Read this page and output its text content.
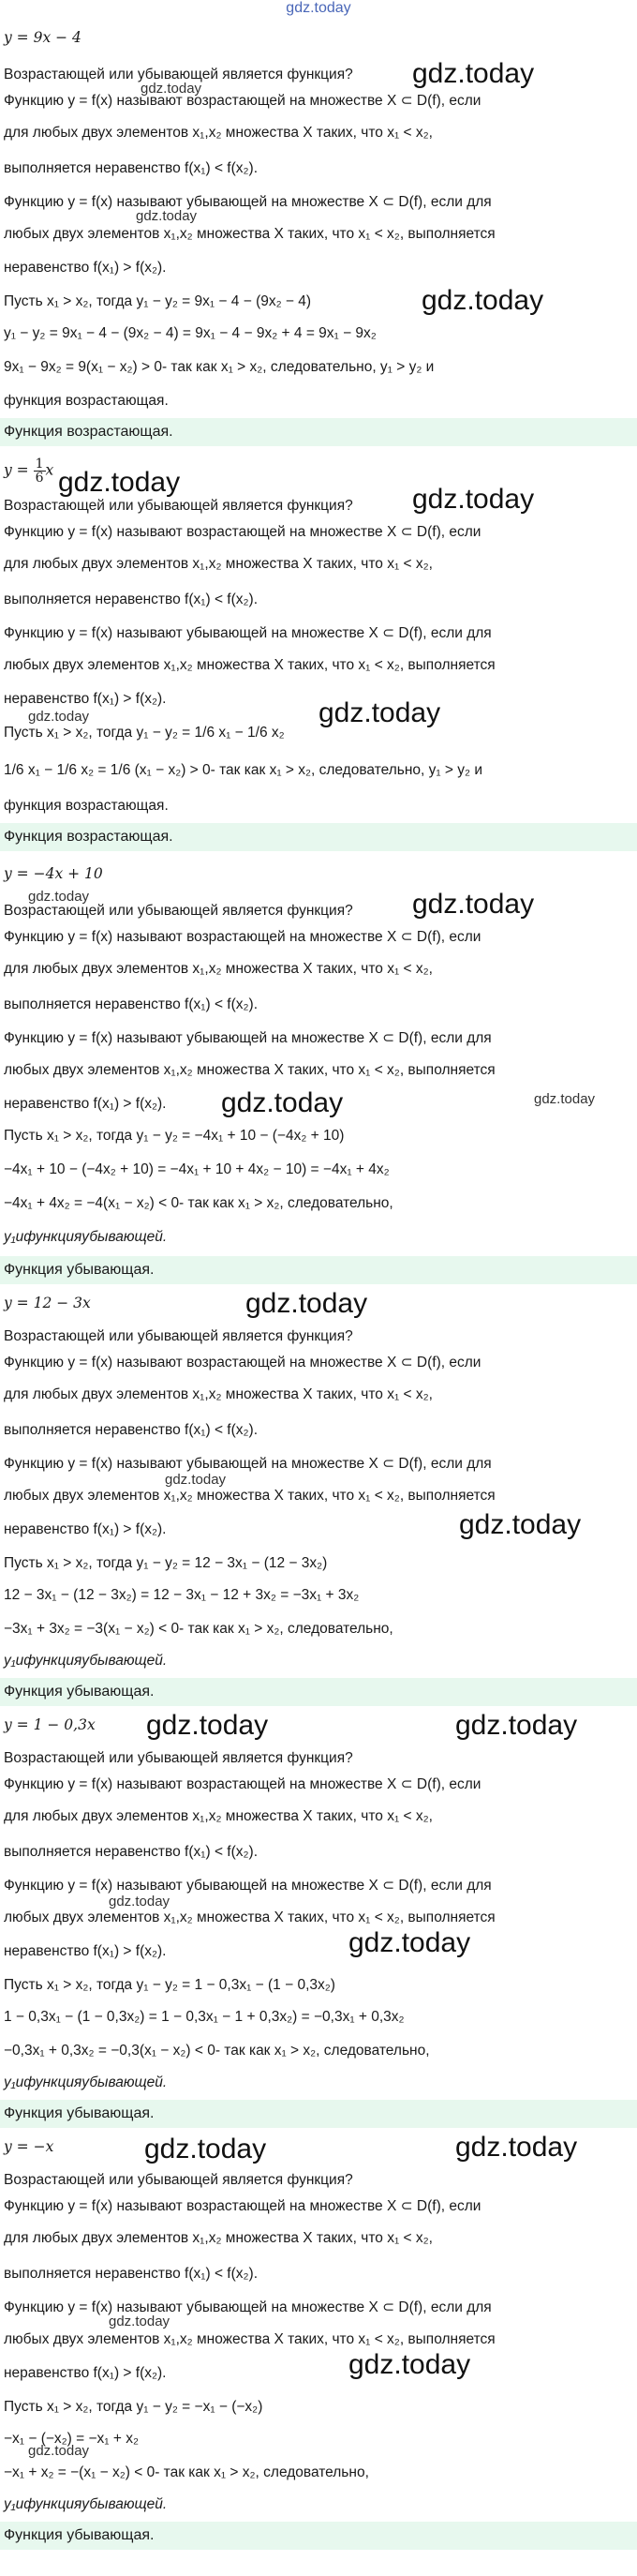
gdz.today
y = 9x − 4
Возрастающей или убывающей является функция?
Функцию y = f(x) называют возрастающей на множестве X ⊂ D(f), если
для любых двух элементов x₁,x₂ множества X таких, что x₁ < x₂,
выполняется неравенство f(x₁) < f(x₂).
Функцию y = f(x) называют убывающей на множестве X ⊂ D(f), если для
любых двух элементов x₁,x₂ множества X таких, что x₁ < x₂, выполняется
неравенство f(x₁) > f(x₂).
Пусть x₁ > x₂, тогда y₁ − y₂ = 9x₁ − 4 − (9x₂ − 4)
y₁ − y₂ = 9x₁ − 4 − (9x₂ − 4) = 9x₁ − 4 − 9x₂ + 4 = 9x₁ − 9x₂
9x₁ − 9x₂ = 9(x₁ − x₂) > 0- так как x₁ > x₂, следовательно, y₁ > y₂ и
функция возрастающая.
Функция возрастающая.
gdz.today
gdz.today
gdz.today
gdz.today
$y = \frac{1}{6}$ x gdz.today
Возрастающей или убывающей является функция?
Функцию y = f(x) называют возрастающей на множестве X ⊂ D(f), если
для любых двух элементов x₁,x₂ множества X таких, что x₁ < x₂,
выполняется неравенство f(x₁) < f(x₂).
Функцию y = f(x) называют убывающей на множестве X ⊂ D(f), если для
любых двух элементов x₁,x₂ множества X таких, что x₁ < x₂, выполняется
неравенство f(x₁) > f(x₂).
Пусть x₁ > x₂, тогда y₁ − y₂ = 1/6 x₁ − 1/6 x₂
1/6 x₁ − 1/6 x₂ = 1/6 (x₁ − x₂) > 0- так как x₁ > x₂, следовательно, y₁ > y₂ и
функция возрастающая.
Функция возрастающая.
gdz.today
gdz.today	gdz.today
y = −4x + 10
gdz.today
Возрастающей или убывающей является функция?
Функцию y = f(x) называют возрастающей на множестве X ⊂ D(f), если
для любых двух элементов x₁,x₂ множества X таких, что x₁ < x₂,
выполняется неравенство f(x₁) < f(x₂).
Функцию y = f(x) называют убывающей на множестве X ⊂ D(f), если для
любых двух элементов x₁,x₂ множества X таких, что x₁ < x₂, выполняется
неравенство f(x₁) > f(x₂).
Пусть x₁ > x₂, тогда y₁ − y₂ = −4x₁ + 10 − (−4x₂ + 10)
−4x₁ + 10 − (−4x₂ + 10) = −4x₁ + 10 + 4x₂ − 10) = −4x₁ + 4x₂
−4x₁ + 4x₂ = −4(x₁ − x₂) < 0- так как x₁ > x₂, следовательно,
y₁ифункцияубывающей.
Функция убывающая.
gdz.today
gdz.today	gdz.today
y = 12 − 3x	gdz.today
Возрастающей или убывающей является функция?
Функцию y = f(x) называют возрастающей на множестве X ⊂ D(f), если
для любых двух элементов x₁,x₂ множества X таких, что x₁ < x₂,
выполняется неравенство f(x₁) < f(x₂).
Функцию y = f(x) называют убывающей на множестве X ⊂ D(f), если для
любых двух элементов x₁,x₂ множества X таких, что x₁ < x₂, выполняется
неравенство f(x₁) > f(x₂).
Пусть x₁ > x₂, тогда y₁ − y₂ = 12 − 3x₁ − (12 − 3x₂)
12 − 3x₁ − (12 − 3x₂) = 12 − 3x₁ − 12 + 3x₂ = −3x₁ + 3x₂
−3x₁ + 3x₂ = −3(x₁ − x₂) < 0- так как x₁ > x₂, следовательно,
y₁ифункцияубывающей.
Функция убывающая.
gdz.today
gdz.today
y = 1 − 0,3x gdz.today	gdz.today
Возрастающей или убывающей является функция?
Функцию y = f(x) называют возрастающей на множестве X ⊂ D(f), если
для любых двух элементов x₁,x₂ множества X таких, что x₁ < x₂,
выполняется неравенство f(x₁) < f(x₂).
Функцию y = f(x) называют убывающей на множестве X ⊂ D(f), если для
любых двух элементов x₁,x₂ множества X таких, что x₁ < x₂, выполняется
неравенство f(x₁) > f(x₂).
Пусть x₁ > x₂, тогда y₁ − y₂ = 1 − 0,3x₁ − (1 − 0,3x₂)
1 − 0,3x₁ − (1 − 0,3x₂) = 1 − 0,3x₁ − 1 + 0,3x₂) = −0,3x₁ + 0,3x₂
−0,3x₁ + 0,3x₂ = −0,3(x₁ − x₂) < 0- так как x₁ > x₂, следовательно,
y₁ифункцияубывающей.
Функция убывающая.
gdz.today
gdz.today
y = −x	gdz.today	gdz.today
Возрастающей или убывающей является функция?
Функцию y = f(x) называют возрастающей на множестве X ⊂ D(f), если
для любых двух элементов x₁,x₂ множества X таких, что x₁ < x₂,
выполняется неравенство f(x₁) < f(x₂).
Функцию y = f(x) называют убывающей на множестве X ⊂ D(f), если для
любых двух элементов x₁,x₂ множества X таких, что x₁ < x₂, выполняется
неравенство f(x₁) > f(x₂).
Пусть x₁ > x₂, тогда y₁ − y₂ = −x₁ − (−x₂)
−x₁ − (−x₂) = −x₁ + x₂
−x₁ + x₂ = −(x₁ − x₂) < 0- так как x₁ > x₂, следовательно,
y₁ифункцияубывающей.
Функция убывающая.
gdz.today
gdz.today
gdz.today
